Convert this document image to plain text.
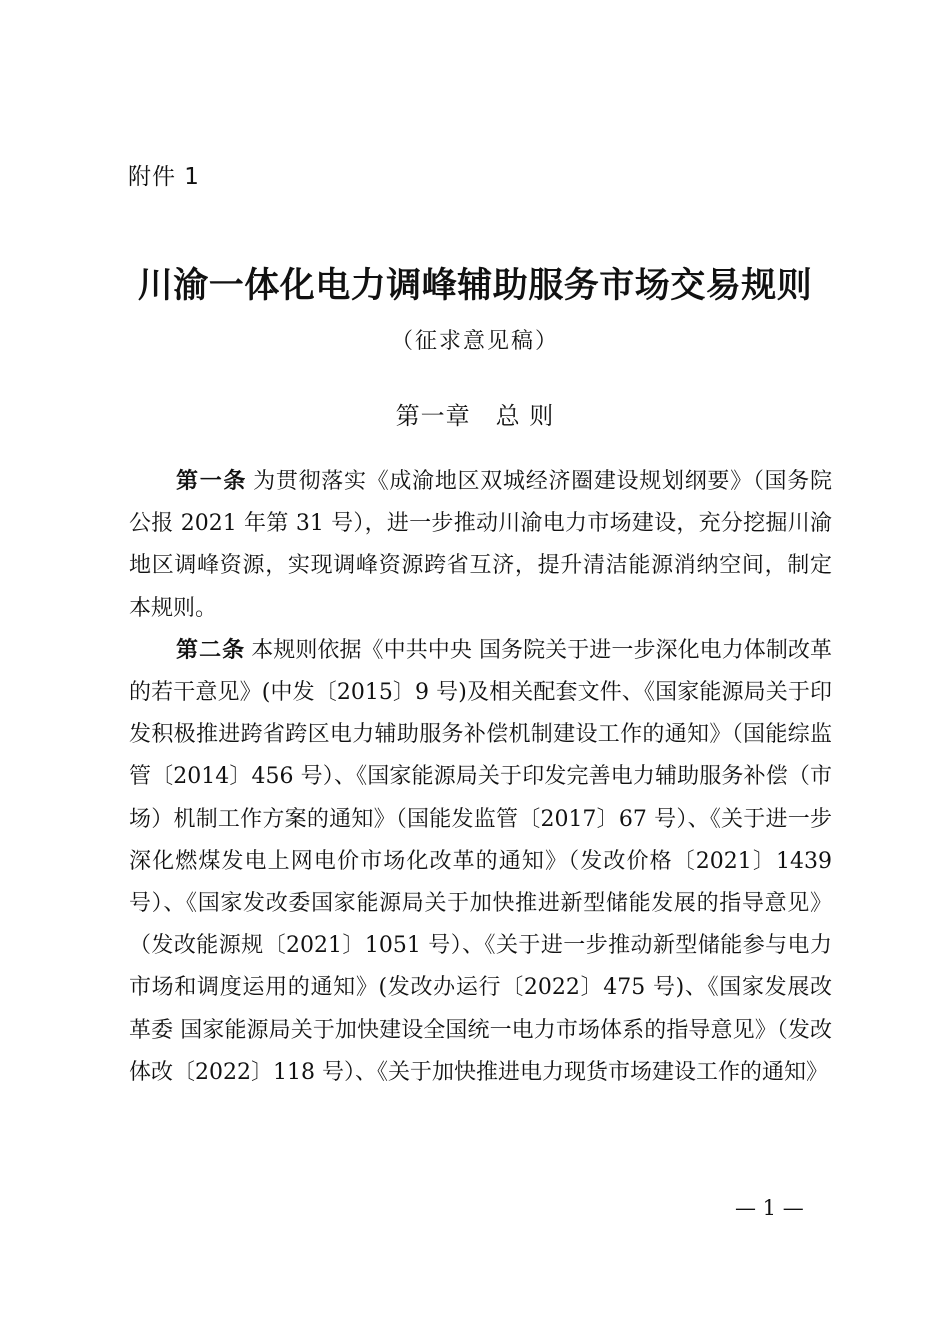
附件 1
川渝一体化电力调峰辅助服务市场交易规则
（征求意见稿）
第一章　总 则

第一条 为贯彻落实《成渝地区双城经济圈建设规划纲要》（国务院公报 2021 年第 31 号），进一步推动川渝电力市场建设，充分挖掘川渝地区调峰资源，实现调峰资源跨省互济，提升清洁能源消纳空间，制定本规则。

第二条 本规则依据《中共中央 国务院关于进一步深化电力体制改革的若干意见》(中发〔2015〕9 号)及相关配套文件、《国家能源局关于印发积极推进跨省跨区电力辅助服务补偿机制建设工作的通知》（国能综监管〔2014〕456 号）、《国家能源局关于印发完善电力辅助服务补偿（市场）机制工作方案的通知》（国能发监管〔2017〕67 号）、《关于进一步深化燃煤发电上网电价市场化改革的通知》（发改价格〔2021〕1439 号）、《国家发改委国家能源局关于加快推进新型储能发展的指导意见》（发改能源规〔2021〕1051 号）、《关于进一步推动新型储能参与电力市场和调度运用的通知》(发改办运行〔2022〕475 号)、《国家发展改革委 国家能源局关于加快建设全国统一电力市场体系的指导意见》（发改体改〔2022〕118 号）、《关于加快推进电力现货市场建设工作的通知》

— 1 —
